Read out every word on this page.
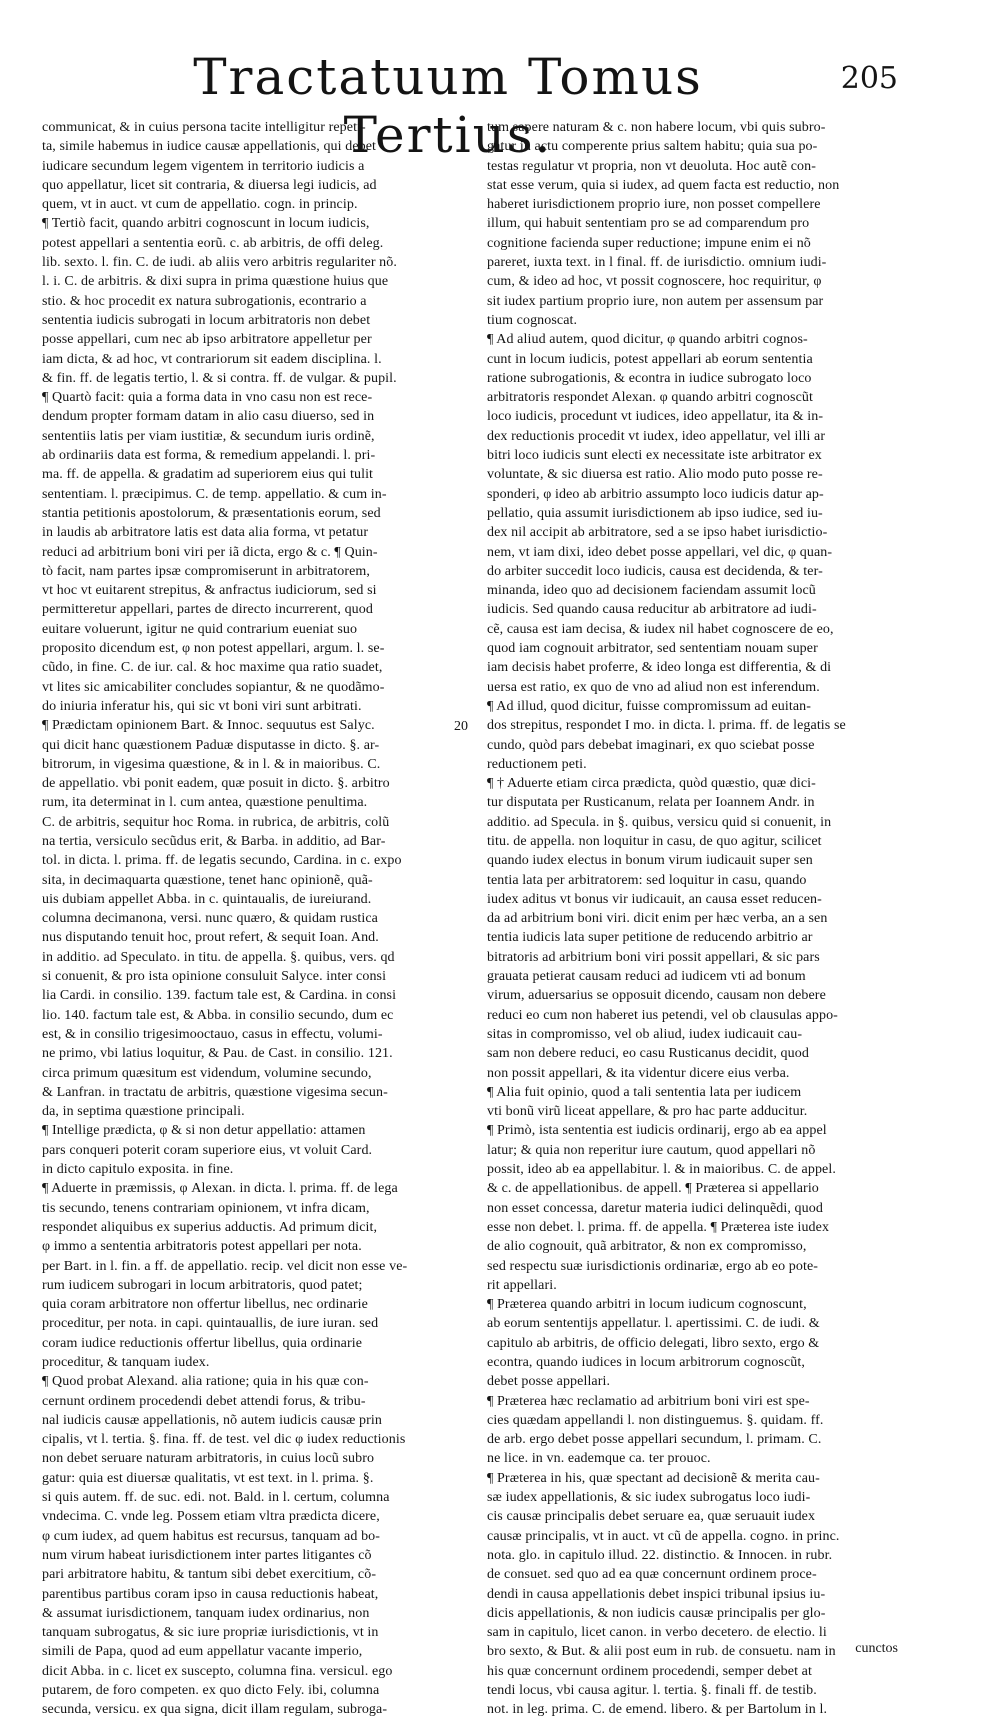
Tractatuum Tomus Tertius.
205
communicat, & in cuius persona tacite intelligitur repeti-
ta, simile habemus in iudice causæ appellationis, qui debet
iudicare secundum legem vigentem in territorio iudicis a
quo appellatur, licet sit contraria, & diuersa legi iudicis, ad
quem, vt in auct. vt cum de appellatio. cogn. in princip.
¶ Tertiò facit, quando arbitri cognoscunt in locum iudicis,
potest appellari a sententia eorũ. c. ab arbitris, de offi deleg.
lib. sexto. l. fin. C. de iudi. ab aliis vero arbitris regulariter nõ.
l. i. C. de arbitris. & dixi supra in prima quæstione huius que
stio. & hoc procedit ex natura subrogationis, econtrario a
sententia iudicis subrogati in locum arbitratoris non debet
posse appellari, cum nec ab ipso arbitratore appelletur per
iam dicta, & ad hoc, vt contrariorum sit eadem disciplina. l.
& fin. ff. de legatis tertio, l. & si contra. ff. de vulgar. & pupil.
¶ Quartò facit: quia a forma data in vno casu non est rece-
dendum propter formam datam in alio casu diuerso, sed in
sententiis latis per viam iustitiæ, & secundum iuris ordinẽ,
ab ordinariis data est forma, & remedium appelandi. l. pri-
ma. ff. de appella. & gradatim ad superiorem eius qui tulit
sententiam. l. præcipimus. C. de temp. appellatio. & cum in-
stantia petitionis apostolorum, & præsentationis eorum, sed
in laudis ab arbitratore latis est data alia forma, vt petatur
reduci ad arbitrium boni viri per iã dicta, ergo & c. ¶ Quin-
tò facit, nam partes ipsæ compromiserunt in arbitratorem,
vt hoc vt euitarent strepitus, & anfractus iudiciorum, sed si
permitteretur appellari, partes de directo incurrerent, quod
euitare voluerunt, igitur ne quid contrarium eueniat suo
proposito dicendum est, φ non potest appellari, argum. l. se-
cũdo, in fine. C. de iur. cal. & hoc maxime qua ratio suadet,
vt lites sic amicabiliter concludes sopiantur, & ne quodãmo-
do iniuria inferatur his, qui sic vt boni viri sunt arbitrati.
¶ Prædictam opinionem Bart. & Innoc. sequutus est Salyc.
qui dicit hanc quæstionem Paduæ disputasse in dicto. §. ar-
bitrorum, in vigesima quæstione, & in l. & in maioribus. C.
de appellatio. vbi ponit eadem, quæ posuit in dicto. §. arbitro
rum, ita determinat in l. cum antea, quæstione penultima.
C. de arbitris, sequitur hoc Roma. in rubrica, de arbitris, colũ
na tertia, versiculo secũdus erit, & Barba. in additio, ad Bar-
tol. in dicta. l. prima. ff. de legatis secundo, Cardina. in c. expo
sita, in decimaquarta quæstione, tenet hanc opinionẽ, quã-
uis dubiam appellet Abba. in c. quintaualis, de iureiurand.
columna decimanona, versi. nunc quæro, & quidam rustica
nus disputando tenuit hoc, prout refert, & sequit Ioan. And.
in additio. ad Speculato. in titu. de appella. §. quibus, vers. qd
si conuenit, & pro ista opinione consuluit Salyce. inter consi
lia Cardi. in consilio. 139. factum tale est, & Cardina. in consi
lio. 140. factum tale est, & Abba. in consilio secundo, dum ec
est, & in consilio trigesimooctauo, casus in effectu, volumi-
ne primo, vbi latius loquitur, & Pau. de Cast. in consilio. 121.
circa primum quæsitum est videndum, volumine secundo,
& Lanfran. in tractatu de arbitris, quæstione vigesima secun-
da, in septima quæstione principali.
¶ Intellige prædicta, φ & si non detur appellatio: attamen
pars conqueri poterit coram superiore eius, vt voluit Card.
in dicto capitulo exposita. in fine.
¶ Aduerte in præmissis, φ Alexan. in dicta. l. prima. ff. de lega
tis secundo, tenens contrariam opinionem, vt infra dicam,
respondet aliquibus ex superius adductis. Ad primum dicit,
φ immo a sententia arbitratoris potest appellari per nota.
per Bart. in l. fin. a ff. de appellatio. recip. vel dicit non esse ve-
rum iudicem subrogari in locum arbitratoris, quod patet;
quia coram arbitratore non offertur libellus, nec ordinarie
proceditur, per nota. in capi. quintauallis, de iure iuran. sed
coram iudice reductionis offertur libellus, quia ordinarie
proceditur, & tanquam iudex.
¶ Quod probat Alexand. alia ratione; quia in his quæ con-
cernunt ordinem procedendi debet attendi forus, & tribu-
nal iudicis causæ appellationis, nõ autem iudicis causæ prin
cipalis, vt l. tertia. §. fina. ff. de test. vel dic φ iudex reductionis
non debet seruare naturam arbitratoris, in cuius locũ subro
gatur: quia est diuersæ qualitatis, vt est text. in l. prima. §.
si quis autem. ff. de suc. edi. not. Bald. in l. certum, columna
vndecima. C. vnde leg. Possem etiam vltra prædicta dicere,
φ cum iudex, ad quem habitus est recursus, tanquam ad bo-
num virum habeat iurisdictionem inter partes litigantes cõ
pari arbitratore habitu, & tantum sibi debet exercitium, cõ-
parentibus partibus coram ipso in causa reductionis habeat,
& assumat iurisdictionem, tanquam iudex ordinarius, non
tanquam subrogatus, & sic iure propriæ iurisdictionis, vt in
simili de Papa, quod ad eum appellatur vacante imperio,
dicit Abba. in c. licet ex suscepto, columna fina. versicul. ego
putarem, de foro competen. ex quo dicto Fely. ibi, columna
secunda, versicu. ex qua signa, dicit illam regulam, subroga-
20
tum sapere naturam & c. non habere locum, vbi quis subro-
gatur in actu comperente prius saltem habitu; quia sua po-
testas regulatur vt propria, non vt deuoluta. Hoc autẽ con-
stat esse verum, quia si iudex, ad quem facta est reductio, non
haberet iurisdictionem proprio iure, non posset compellere
illum, qui habuit sententiam pro se ad comparendum pro
cognitione facienda super reductione; impune enim ei nõ
pareret, iuxta text. in l final. ff. de iurisdictio. omnium iudi-
cum, & ideo ad hoc, vt possit cognoscere, hoc requiritur, φ
sit iudex partium proprio iure, non autem per assensum par
tium cognoscat.
¶ Ad aliud autem, quod dicitur, φ quando arbitri cognos-
cunt in locum iudicis, potest appellari ab eorum sententia
ratione subrogationis, & econtra in iudice subrogato loco
arbitratoris respondet Alexan. φ quando arbitri cognoscũt
loco iudicis, procedunt vt iudices, ideo appellatur, ita & in-
dex reductionis procedit vt iudex, ideo appellatur, vel illi ar
bitri loco iudicis sunt electi ex necessitate iste arbitrator ex
voluntate, & sic diuersa est ratio. Alio modo puto posse re-
sponderi, φ ideo ab arbitrio assumpto loco iudicis datur ap-
pellatio, quia assumit iurisdictionem ab ipso iudice, sed iu-
dex nil accipit ab arbitratore, sed a se ipso habet iurisdictio-
nem, vt iam dixi, ideo debet posse appellari, vel dic, φ quan-
do arbiter succedit loco iudicis, causa est decidenda, & ter-
minanda, ideo quo ad decisionem faciendam assumit locũ
iudicis. Sed quando causa reducitur ab arbitratore ad iudi-
cẽ, causa est iam decisa, & iudex nil habet cognoscere de eo,
quod iam cognouit arbitrator, sed sententiam nouam super
iam decisis habet proferre, & ideo longa est differentia, & di
uersa est ratio, ex quo de vno ad aliud non est inferendum.
¶ Ad illud, quod dicitur, fuisse compromissum ad euitan-
dos strepitus, respondet I mo. in dicta. l. prima. ff. de legatis se
cundo, quòd pars debebat imaginari, ex quo sciebat posse
reductionem peti.
¶ † Aduerte etiam circa prædicta, quòd quæstio, quæ dici-
tur disputata per Rusticanum, relata per Ioannem Andr. in
additio. ad Specula. in §. quibus, versicu quid si conuenit, in
titu. de appella. non loquitur in casu, de quo agitur, scilicet
quando iudex electus in bonum virum iudicauit super sen
tentia lata per arbitratorem: sed loquitur in casu, quando
iudex aditus vt bonus vir iudicauit, an causa esset reducen-
da ad arbitrium boni viri. dicit enim per hæc verba, an a sen
tentia iudicis lata super petitione de reducendo arbitrio ar
bitratoris ad arbitrium boni viri possit appellari, & sic pars
grauata petierat causam reduci ad iudicem vti ad bonum
virum, aduersarius se opposuit dicendo, causam non debere
reduci eo cum non haberet ius petendi, vel ob clausulas appo-
sitas in compromisso, vel ob aliud, iudex iudicauit cau-
sam non debere reduci, eo casu Rusticanus decidit, quod
non possit appellari, & ita videntur dicere eius verba.
¶ Alia fuit opinio, quod a tali sententia lata per iudicem
vti bonũ virũ liceat appellare, & pro hac parte adducitur.
¶ Primò, ista sententia est iudicis ordinarij, ergo ab ea appel
latur; & quia non reperitur iure cautum, quod appellari nõ
possit, ideo ab ea appellabitur. l. & in maioribus. C. de appel.
& c. de appellationibus. de appell. ¶ Præterea si appellario
non esset concessa, daretur materia iudici delinquẽdi, quod
esse non debet. l. prima. ff. de appella. ¶ Præterea iste iudex
de alio cognouit, quã arbitrator, & non ex compromisso,
sed respectu suæ iurisdictionis ordinariæ, ergo ab eo pote-
rit appellari.
¶ Præterea quando arbitri in locum iudicum cognoscunt,
ab eorum sententijs appellatur. l. apertissimi. C. de iudi. &
capitulo ab arbitris, de officio delegati, libro sexto, ergo &
econtra, quando iudices in locum arbitrorum cognoscũt,
debet posse appellari.
¶ Præterea hæc reclamatio ad arbitrium boni viri est spe-
cies quædam appellandi l. non distinguemus. §. quidam. ff.
de arb. ergo debet posse appellari secundum, l. primam. C.
ne lice. in vn. eademque ca. ter prouoc.
¶ Præterea in his, quæ spectant ad decisionẽ & merita cau-
sæ iudex appellationis, & sic iudex subrogatus loco iudi-
cis causæ principalis debet seruare ea, quæ seruauit iudex
causæ principalis, vt in auct. vt cũ de appella. cogno. in princ.
nota. glo. in capitulo illud. 22. distinctio. & Innocen. in rubr.
de consuet. sed quo ad ea quæ concernunt ordinem proce-
dendi in causa appellationis debet inspici tribunal ipsius iu-
dicis appellationis, & non iudicis causæ principalis per glo-
sam in capitulo, licet canon. in verbo decetero. de electio. li
bro sexto, & But. & alii post eum in rub. de consuetu. nam in
his quæ concernunt ordinem procedendi, semper debet at
tendi locus, vbi causa agitur. l. tertia. §. finali ff. de testib.
not. in leg. prima. C. de emend. libero. & per Bartolum in l.
cunctos
